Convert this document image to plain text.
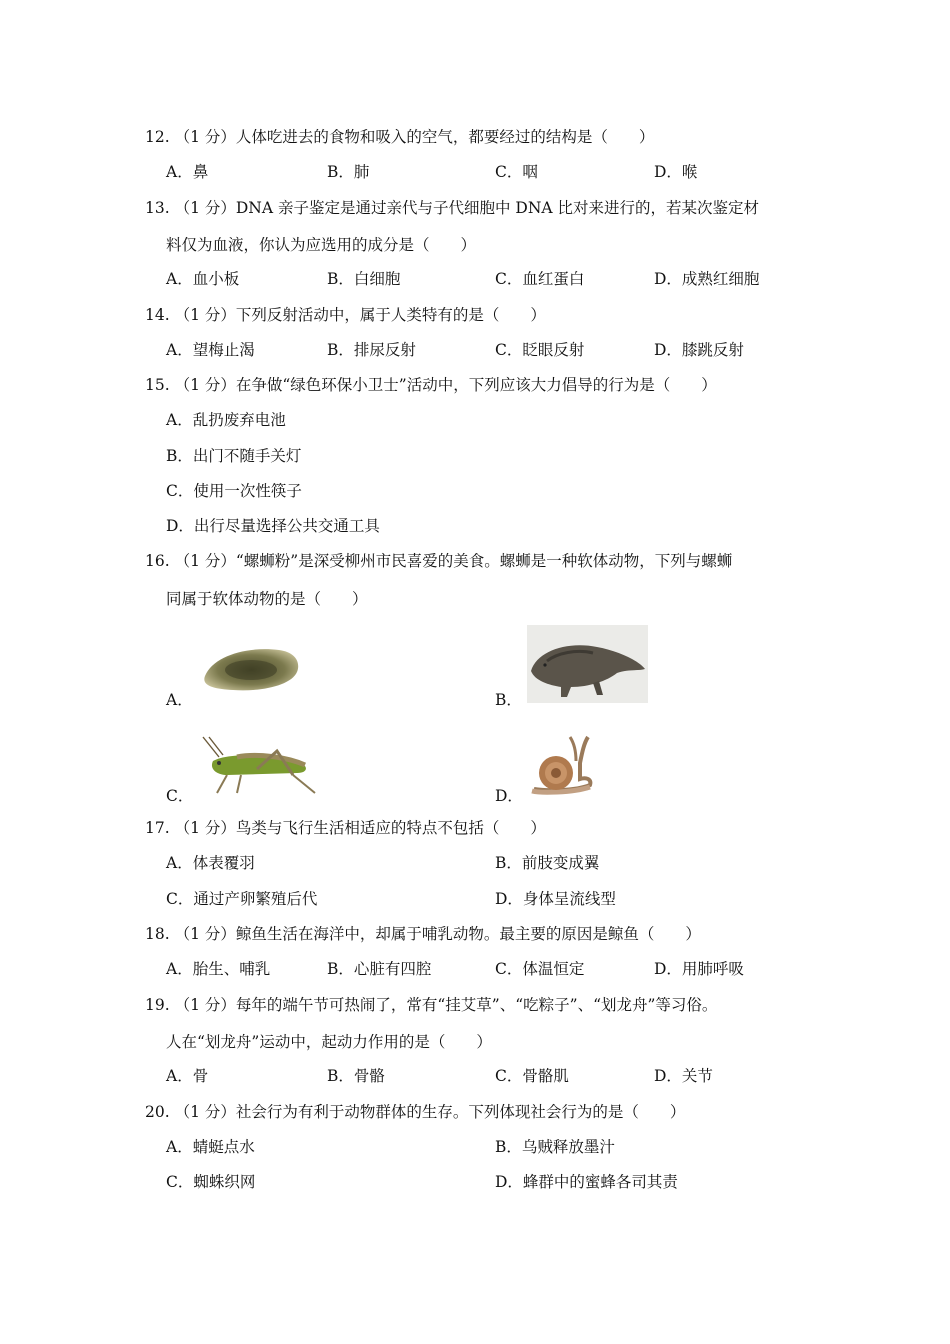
12. （1 分）人体吃进去的食物和吸入的空气，都要经过的结构是（　　）
A．鼻	B．肺	C．咽	D．喉
13. （1 分）DNA 亲子鉴定是通过亲代与子代细胞中 DNA 比对来进行的，若某次鉴定材
料仅为血液，你认为应选用的成分是（　　）
A．血小板	B．白细胞	C．血红蛋白	D．成熟红细胞
14. （1 分）下列反射活动中，属于人类特有的是（　　）
A．望梅止渴	B．排尿反射	C．眨眼反射	D．膝跳反射
15. （1 分）在争做“绿色环保小卫士”活动中，下列应该大力倡导的行为是（　　）
A．乱扔废弃电池
B．出门不随手关灯
C．使用一次性筷子
D．出行尽量选择公共交通工具
16. （1 分）“螺蛳粉”是深受柳州市民喜爱的美食。螺蛳是一种软体动物，下列与螺蛳
同属于软体动物的是（　　）
A．	B．
C．	D．
17. （1 分）鸟类与飞行生活相适应的特点不包括（　　）
A．体表覆羽	B．前肢变成翼
C．通过产卵繁殖后代	D．身体呈流线型
18. （1 分）鲸鱼生活在海洋中，却属于哺乳动物。最主要的原因是鲸鱼（　　）
A．胎生、哺乳	B．心脏有四腔	C．体温恒定	D．用肺呼吸
19. （1 分）每年的端午节可热闹了，常有“挂艾草”、“吃粽子”、“划龙舟”等习俗。
人在“划龙舟”运动中，起动力作用的是（　　）
A．骨	B．骨骼	C．骨骼肌	D．关节
20. （1 分）社会行为有利于动物群体的生存。下列体现社会行为的是（　　）
A．蜻蜓点水	B．乌贼释放墨汁
C．蜘蛛织网	D．蜂群中的蜜蜂各司其责
